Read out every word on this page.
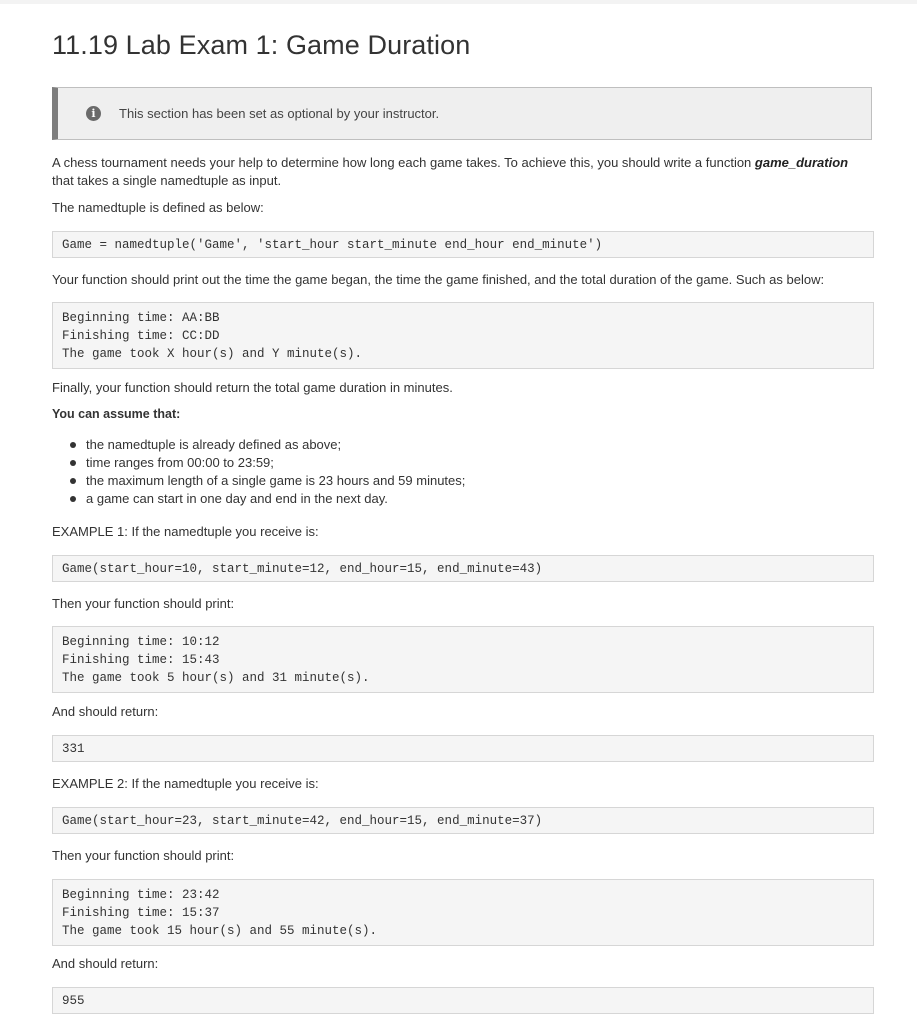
11.19 Lab Exam 1: Game Duration
i	This section has been set as optional by your instructor.
A chess tournament needs your help to determine how long each game takes. To achieve this, you should write a function game_duration that takes a single namedtuple as input.
The namedtuple is defined as below:
Game = namedtuple('Game', 'start_hour start_minute end_hour end_minute')
Your function should print out the time the game began, the time the game finished, and the total duration of the game. Such as below:
Beginning time: AA:BB
Finishing time: CC:DD
The game took X hour(s) and Y minute(s).
Finally, your function should return the total game duration in minutes.
You can assume that:
the namedtuple is already defined as above;
time ranges from 00:00 to 23:59;
the maximum length of a single game is 23 hours and 59 minutes;
a game can start in one day and end in the next day.
EXAMPLE 1: If the namedtuple you receive is:
Game(start_hour=10, start_minute=12, end_hour=15, end_minute=43)
Then your function should print:
Beginning time: 10:12
Finishing time: 15:43
The game took 5 hour(s) and 31 minute(s).
And should return:
331
EXAMPLE 2: If the namedtuple you receive is:
Game(start_hour=23, start_minute=42, end_hour=15, end_minute=37)
Then your function should print:
Beginning time: 23:42
Finishing time: 15:37
The game took 15 hour(s) and 55 minute(s).
And should return:
955
